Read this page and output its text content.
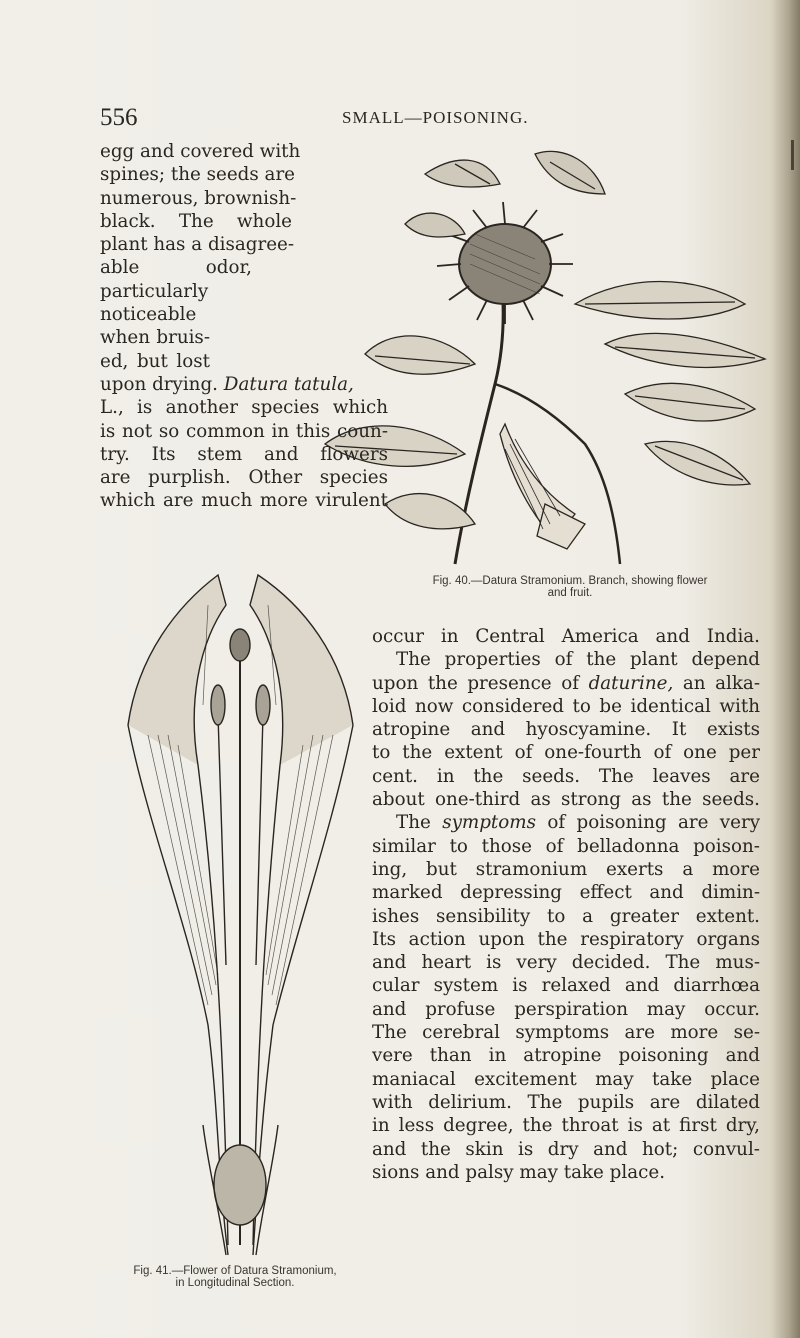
556	SMALL—POISONING.
Fig. 40.—Datura Stramonium. Branch, showing flower
and fruit.
Fig. 41.—Flower of Datura Stramonium,
in Longitudinal Section.
egg and covered with
spines; the seeds are
numerous, brownish-
black. The whole
plant has a disagree-
able odor,
particularly
noticeable
when bruis-
ed, but lost
upon drying. Datura tatula,
L., is another species which
is not so common in this coun-
try. Its stem and flowers
are purplish. Other species
which are much more virulent
occur in Central America and India.
The properties of the plant depend
upon the presence of daturine, an alka-
loid now considered to be identical with
atropine and hyoscyamine. It exists
to the extent of one-fourth of one per
cent. in the seeds. The leaves are
about one-third as strong as the seeds.
The symptoms of poisoning are very
similar to those of belladonna poison-
ing, but stramonium exerts a more
marked depressing effect and dimin-
ishes sensibility to a greater extent.
Its action upon the respiratory organs
and heart is very decided. The mus-
cular system is relaxed and diarrhœa
and profuse perspiration may occur.
The cerebral symptoms are more se-
vere than in atropine poisoning and
maniacal excitement may take place
with delirium. The pupils are dilated
in less degree, the throat is at first dry,
and the skin is dry and hot; convul-
sions and palsy may take place.
